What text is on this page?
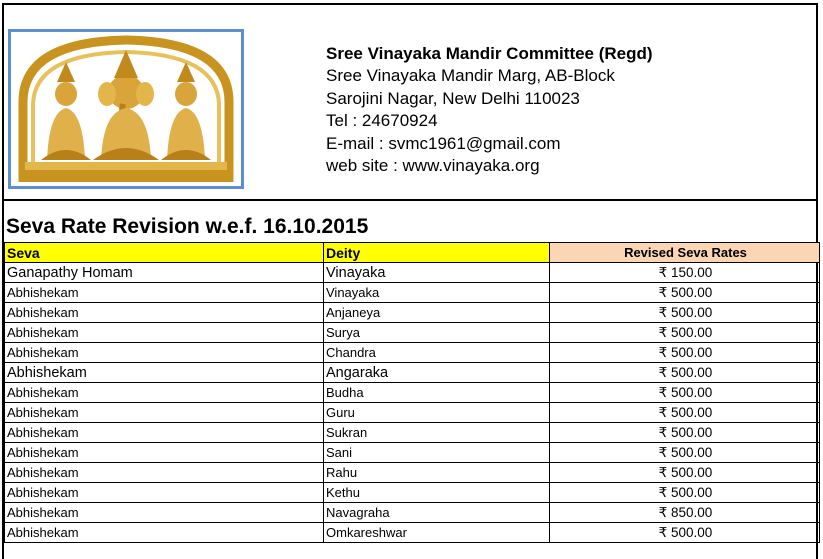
Sree Vinayaka Mandir Committee (Regd)
Sree Vinayaka Mandir Marg, AB-Block
Sarojini Nagar, New Delhi 110023
Tel : 24670924
E-mail : svmc1961@gmail.com
web site : www.vinayaka.org
Seva Rate Revision w.e.f. 16.10.2015
Seva	Deity	Revised Seva Rates
Ganapathy Homam	Vinayaka	₹ 150.00
Abhishekam	Vinayaka	₹ 500.00
Abhishekam	Anjaneya	₹ 500.00
Abhishekam	Surya	₹ 500.00
Abhishekam	Chandra	₹ 500.00
Abhishekam	Angaraka	₹ 500.00
Abhishekam	Budha	₹ 500.00
Abhishekam	Guru	₹ 500.00
Abhishekam	Sukran	₹ 500.00
Abhishekam	Sani	₹ 500.00
Abhishekam	Rahu	₹ 500.00
Abhishekam	Kethu	₹ 500.00
Abhishekam	Navagraha	₹ 850.00
Abhishekam	Omkareshwar	₹ 500.00
